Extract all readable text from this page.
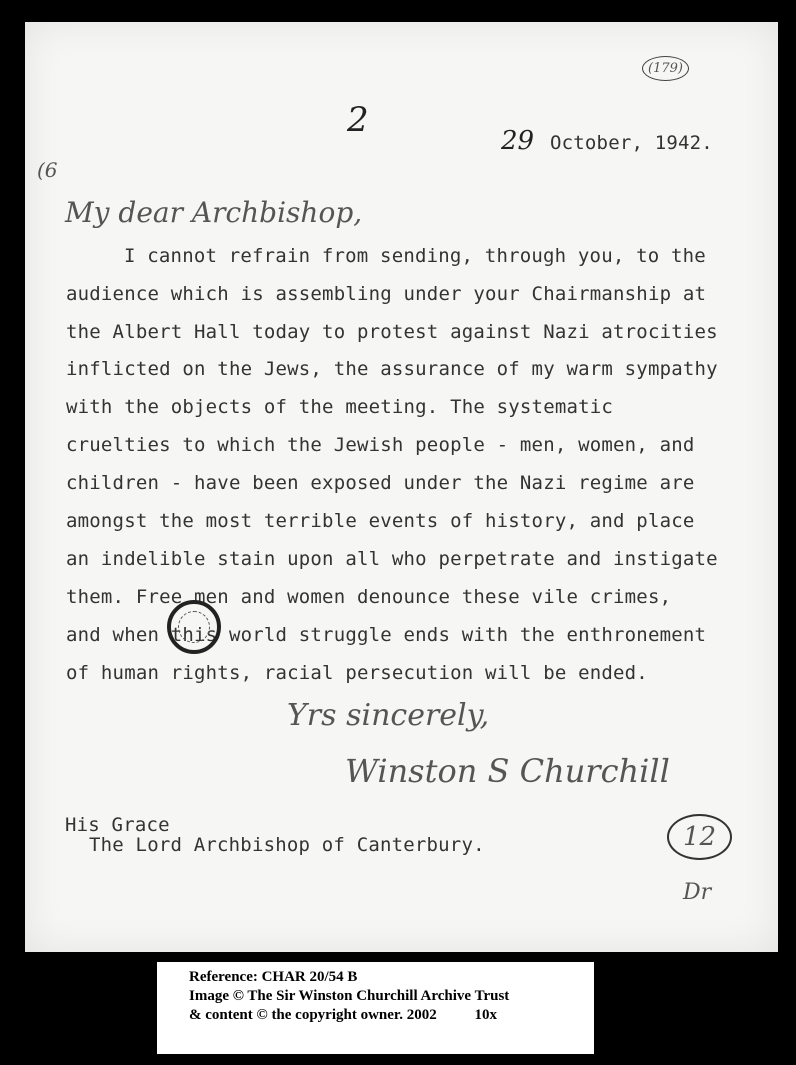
(179)
2
29 October, 1942.
(6
My dear Archbishop,
I cannot refrain from sending, through you, to the
audience which is assembling under your Chairmanship at
the Albert Hall today to protest against Nazi atrocities
inflicted on the Jews, the assurance of my warm sympathy
with the objects of the meeting. The systematic
cruelties to which the Jewish people - men, women, and
children - have been exposed under the Nazi regime are
amongst the most terrible events of history, and place
an indelible stain upon all who perpetrate and instigate
them. Free men and women denounce these vile crimes,
and when this world struggle ends with the enthronement
of human rights, racial persecution will be ended.
Yrs sincerely,
Winston S Churchill
His Grace
The Lord Archbishop of Canterbury.	12
Dr
Reference: CHAR 20/54 B
Image © The Sir Winston Churchill Archive Trust
& content © the copyright owner. 2002	10x
